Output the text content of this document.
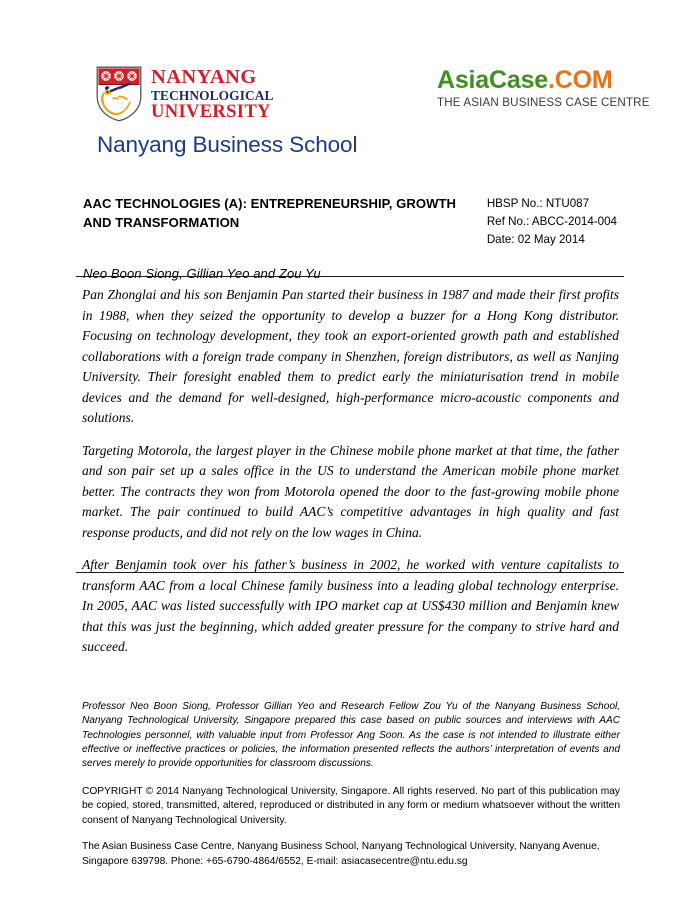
NANYANG
TECHNOLOGICAL
UNIVERSITY
Nanyang Business School
AsiaCase.COM
THE ASIAN BUSINESS CASE CENTRE
AAC TECHNOLOGIES (A): ENTREPRENEURSHIP, GROWTH AND TRANSFORMATION
HBSP No.: NTU087
Ref No.: ABCC-2014-004
Date: 02 May 2014
Neo Boon Siong, Gillian Yeo and Zou Yu

Pan Zhonglai and his son Benjamin Pan started their business in 1987 and made their first profits in 1988, when they seized the opportunity to develop a buzzer for a Hong Kong distributor. Focusing on technology development, they took an export-oriented growth path and established collaborations with a foreign trade company in Shenzhen, foreign distributors, as well as Nanjing University. Their foresight enabled them to predict early the miniaturisation trend in mobile devices and the demand for well-designed, high-performance micro-acoustic components and solutions.

Targeting Motorola, the largest player in the Chinese mobile phone market at that time, the father and son pair set up a sales office in the US to understand the American mobile phone market better. The contracts they won from Motorola opened the door to the fast-growing mobile phone market. The pair continued to build AAC’s competitive advantages in high quality and fast response products, and did not rely on the low wages in China.

After Benjamin took over his father’s business in 2002, he worked with venture capitalists to transform AAC from a local Chinese family business into a leading global technology enterprise. In 2005, AAC was listed successfully with IPO market cap at US$430 million and Benjamin knew that this was just the beginning, which added greater pressure for the company to strive hard and succeed.

Professor Neo Boon Siong, Professor Gillian Yeo and Research Fellow Zou Yu of the Nanyang Business School, Nanyang Technological University, Singapore prepared this case based on public sources and interviews with AAC Technologies personnel, with valuable input from Professor Ang Soon. As the case is not intended to illustrate either effective or ineffective practices or policies, the information presented reflects the authors’ interpretation of events and serves merely to provide opportunities for classroom discussions.

COPYRIGHT © 2014 Nanyang Technological University, Singapore. All rights reserved. No part of this publication may be copied, stored, transmitted, altered, reproduced or distributed in any form or medium whatsoever without the written consent of Nanyang Technological University.

The Asian Business Case Centre, Nanyang Business School, Nanyang Technological University, Nanyang Avenue, Singapore 639798. Phone: +65-6790-4864/6552, E-mail: asiacasecentre@ntu.edu.sg
